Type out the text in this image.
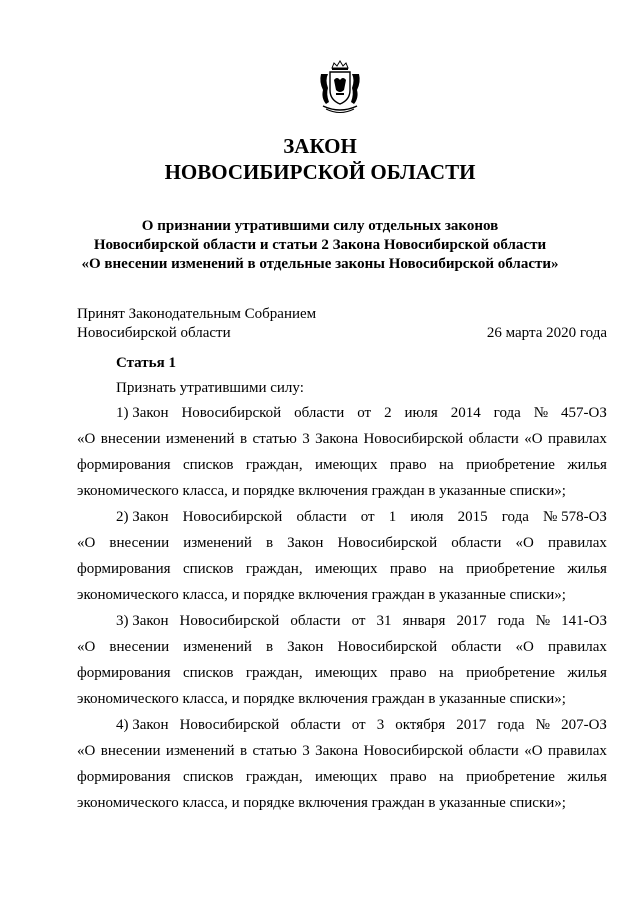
ЗАКОН
НОВОСИБИРСКОЙ ОБЛАСТИ
О признании утратившими силу отдельных законов
Новосибирской области и статьи 2 Закона Новосибирской области
«О внесении изменений в отдельные законы Новосибирской области»
Принят Законодательным Собранием
Новосибирской области	26 марта 2020 года
Статья 1
Признать утратившими силу:
1) Закон Новосибирской области от 2 июля 2014 года № 457-ОЗ
«О внесении изменений в статью 3 Закона Новосибирской области «О правилах
формирования списков граждан, имеющих право на приобретение жилья
экономического класса, и порядке включения граждан в указанные списки»;
2) Закон Новосибирской области от 1 июля 2015 года № 578-ОЗ
«О внесении изменений в Закон Новосибирской области «О правилах
формирования списков граждан, имеющих право на приобретение жилья
экономического класса, и порядке включения граждан в указанные списки»;
3) Закон Новосибирской области от 31 января 2017 года № 141-ОЗ
«О внесении изменений в Закон Новосибирской области «О правилах
формирования списков граждан, имеющих право на приобретение жилья
экономического класса, и порядке включения граждан в указанные списки»;
4) Закон Новосибирской области от 3 октября 2017 года № 207-ОЗ
«О внесении изменений в статью 3 Закона Новосибирской области «О правилах
формирования списков граждан, имеющих право на приобретение жилья
экономического класса, и порядке включения граждан в указанные списки»;
